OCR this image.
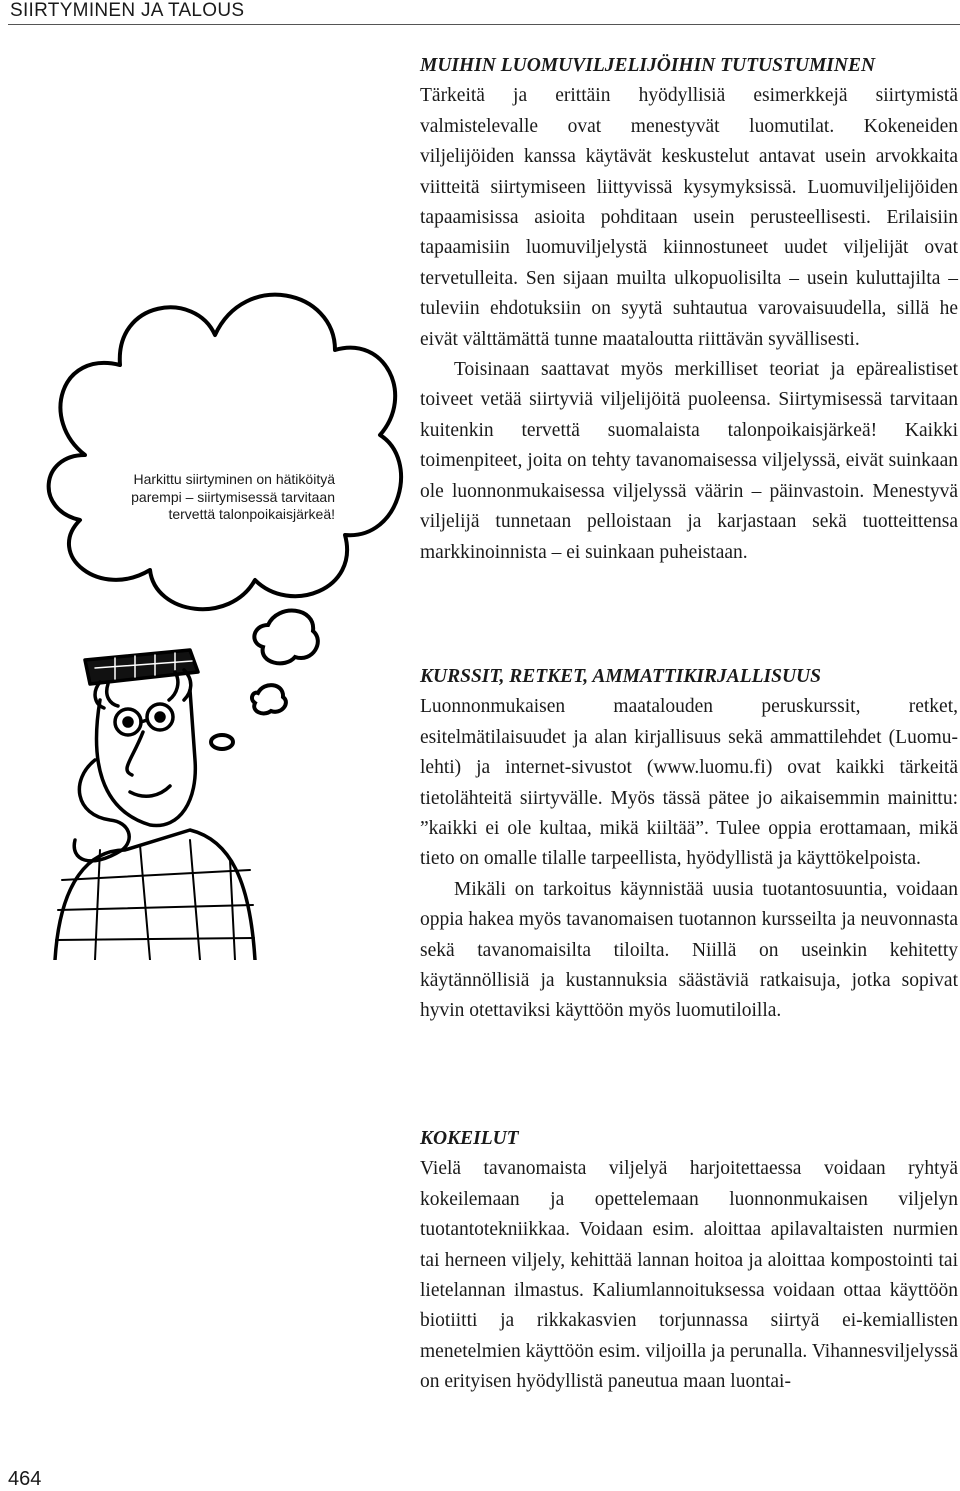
SIIRTYMINEN JA TALOUS
Harkittu siirtyminen on hätiköityä
parempi – siirtymisessä tarvitaan
tervettä talonpoikaisjärkeä!
MUIHIN LUOMUVILJELIJÖIHIN TUTUSTUMINEN

Tärkeitä ja erittäin hyödyllisiä esimerkkejä siirtymistä valmistelevalle ovat menestyvät luomutilat. Kokeneiden viljelijöiden kanssa käytävät keskustelut antavat usein arvokkaita viitteitä siirtymiseen liittyvissä kysymyksissä. Luomuviljelijöiden tapaamisissa asioita pohditaan usein perusteellisesti. Erilaisiin tapaamisiin luomuviljelystä kiinnostuneet uudet viljelijät ovat tervetulleita. Sen sijaan muilta ulkopuolisilta – usein kuluttajilta – tuleviin ehdotuksiin on syytä suhtautua varovaisuudella, sillä he eivät välttämättä tunne maataloutta riittävän syvällisesti.

Toisinaan saattavat myös merkilliset teoriat ja epärealistiset toiveet vetää siirtyviä viljelijöitä puoleensa. Siirtymisessä tarvitaan kuitenkin tervettä suomalaista talonpoikaisjärkeä! Kaikki toimenpiteet, joita on tehty tavanomaisessa viljelyssä, eivät suinkaan ole luonnonmukaisessa viljelyssä väärin – päinvastoin. Menestyvä viljelijä tunnetaan pelloistaan ja karjastaan sekä tuotteittensa markkinoinnista – ei suinkaan puheistaan.

KURSSIT, RETKET, AMMATTIKIRJALLISUUS

Luonnonmukaisen maatalouden peruskurssit, retket, esitelmätilaisuudet ja alan kirjallisuus sekä ammattilehdet (Luomu-lehti) ja internet-sivustot (www.luomu.fi) ovat kaikki tärkeitä tietolähteitä siirtyvälle. Myös tässä pätee jo aikaisemmin mainittu: ”kaikki ei ole kultaa, mikä kiiltää”. Tulee oppia erottamaan, mikä tieto on omalle tilalle tarpeellista, hyödyllistä ja käyttökelpoista.

Mikäli on tarkoitus käynnistää uusia tuotantosuuntia, voidaan oppia hakea myös tavanomaisen tuotannon kursseilta ja neuvonnasta sekä tavanomaisilta tiloilta. Niillä on useinkin kehitetty käytännöllisiä ja kustannuksia säästäviä ratkaisuja, jotka sopivat hyvin otettaviksi käyttöön myös luomutiloilla.

KOKEILUT

Vielä tavanomaista viljelyä harjoitettaessa voidaan ryhtyä kokeilemaan ja opettelemaan luonnonmukaisen viljelyn tuotantotekniikkaa. Voidaan esim. aloittaa apilavaltaisten nurmien tai herneen viljely, kehittää lannan hoitoa ja aloittaa kompostointi tai lietelannan ilmastus. Kaliumlannoituksessa voidaan ottaa käyttöön biotiitti ja rikkakasvien torjunnassa siirtyä ei-kemiallisten menetelmien käyttöön esim. viljoilla ja perunalla. Vihannesviljelyssä on erityisen hyödyllistä paneutua maan luontai-

464
